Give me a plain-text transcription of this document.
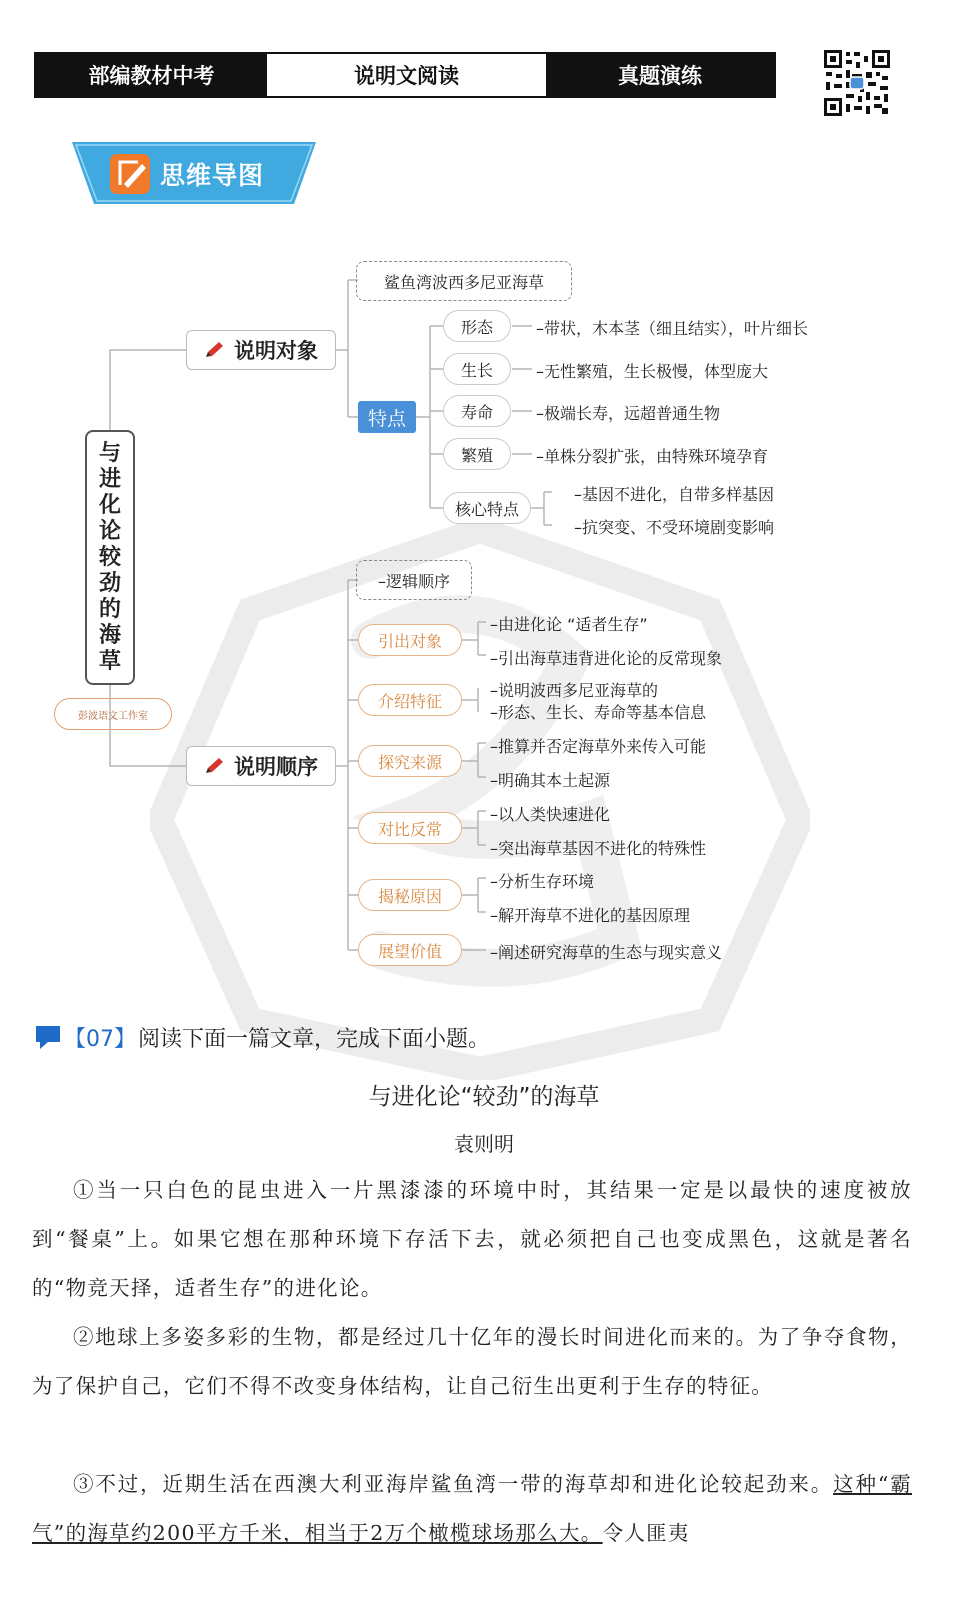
部编教材中考	说明文阅读	真题演练
思维导图
与
进
化
论
较
劲
的
海
草
彭波语文工作室
说明对象
鲨鱼湾波西多尼亚海草
特点
形态	–带状，木本茎（细且结实），叶片细长
生长	–无性繁殖，生长极慢，体型庞大
寿命	–极端长寿，远超普通生物
繁殖	–单株分裂扩张，由特殊环境孕育
核心特点
–基因不进化，自带多样基因
–抗突变、不受环境剧变影响
说明顺序
–逻辑顺序
引出对象
–由进化论 “适者生存”
–引出海草违背进化论的反常现象
介绍特征
–说明波西多尼亚海草的
–形态、生长、寿命等基本信息
探究来源
–推算并否定海草外来传入可能
–明确其本土起源
对比反常
–以人类快速进化
–突出海草基因不进化的特殊性
揭秘原因
–分析生存环境
–解开海草不进化的基因原理
展望价值	–阐述研究海草的生态与现实意义
【07】 阅读下面一篇文章，完成下面小题。
与进化论“较劲”的海草
袁则明
①当一只白色的昆虫进入一片黑漆漆的环境中时，其结果一定是以最快的速度被放到“餐桌”上。如果它想在那种环境下存活下去，就必须把自己也变成黑色，这就是著名的“物竞天择，适者生存”的进化论。
②地球上多姿多彩的生物，都是经过几十亿年的漫长时间进化而来的。为了争夺食物，为了保护自己，它们不得不改变身体结构，让自己衍生出更利于生存的特征。
③不过，近期生活在西澳大利亚海岸鲨鱼湾一带的海草却和进化论较起劲来。这种“霸气”的海草约200平方千米，相当于2万个橄榄球场那么大。令人匪夷
